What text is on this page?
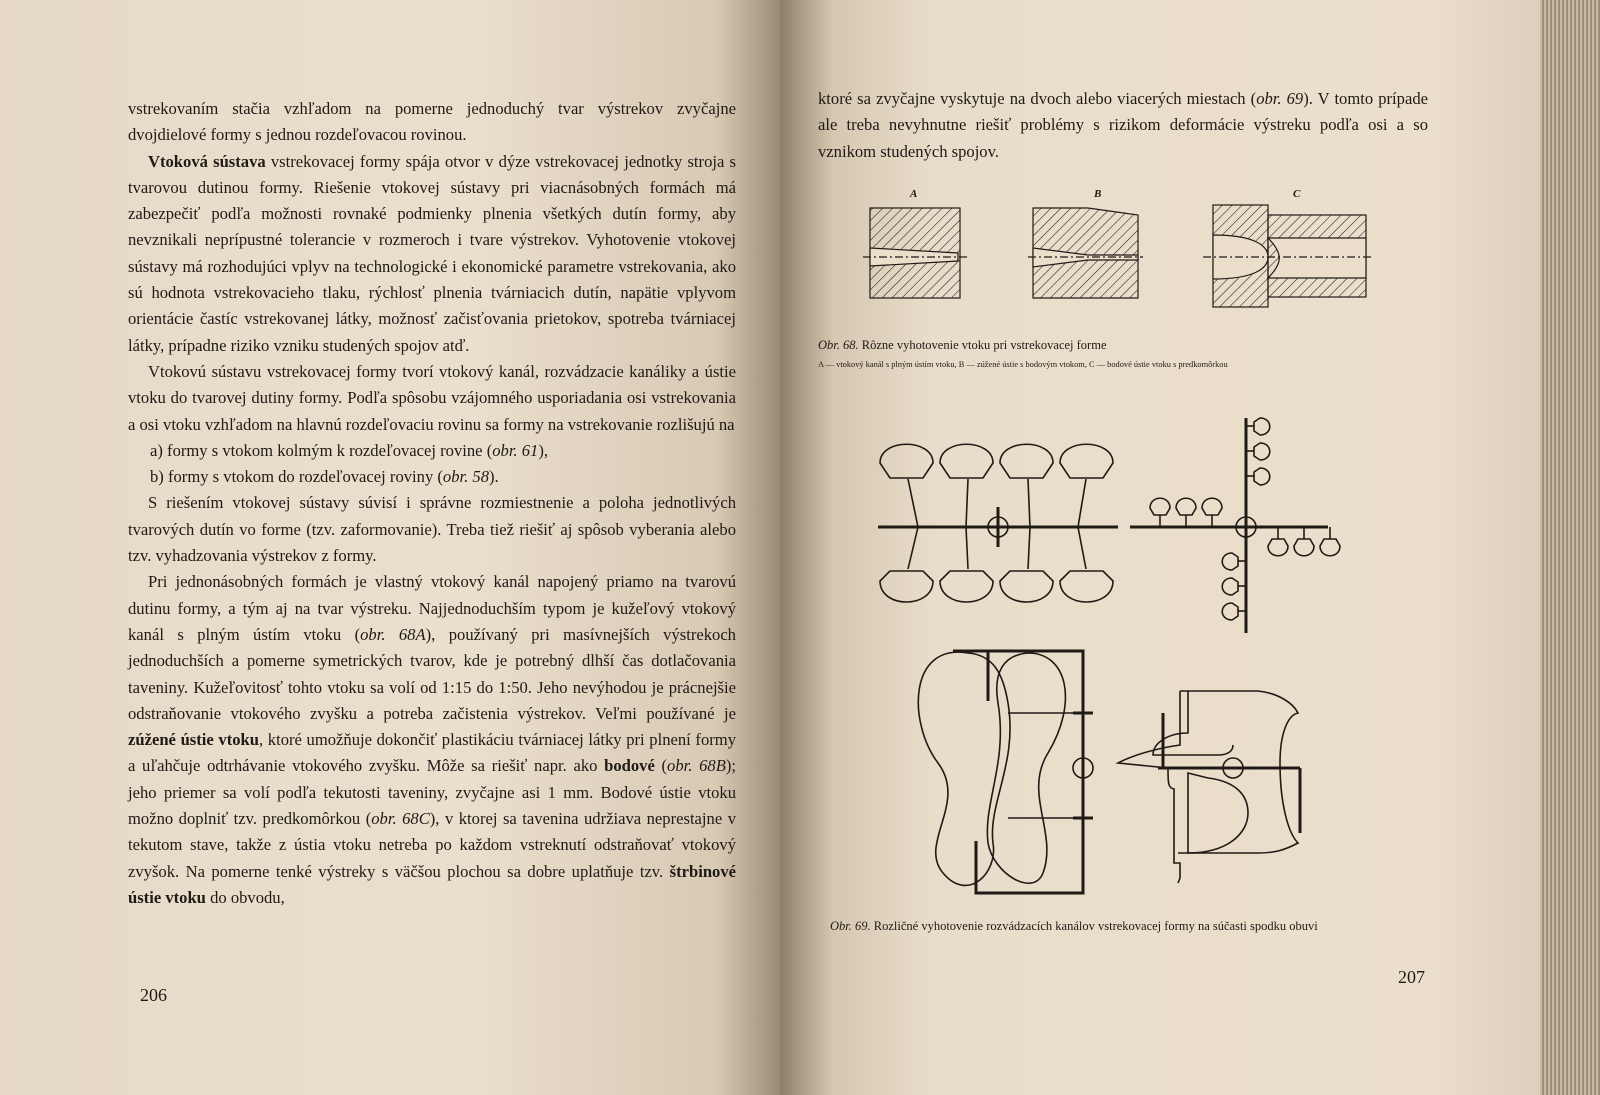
vstrekovaním stačia vzhľadom na pomerne jednoduchý tvar výstrekov zvyčajne dvojdielové formy s jednou rozdeľovacou rovinou.

Vtoková sústava vstrekovacej formy spája otvor v dýze vstrekovacej jednotky stroja s tvarovou dutinou formy. Riešenie vtokovej sústavy pri viacnásobných formách má zabezpečiť podľa možnosti rovnaké podmienky plnenia všetkých dutín formy, aby nevznikali neprípustné tolerancie v rozmeroch i tvare výstrekov. Vyhotovenie vtokovej sústavy má rozhodujúci vplyv na technologické i ekonomické parametre vstrekovania, ako sú hodnota vstrekovacieho tlaku, rýchlosť plnenia tvárniacich dutín, napätie vplyvom orientácie častíc vstrekovanej látky, možnosť začisťovania prietokov, spotreba tvárniacej látky, prípadne riziko vzniku studených spojov atď.

Vtokovú sústavu vstrekovacej formy tvorí vtokový kanál, rozvádzacie kanáliky a ústie vtoku do tvarovej dutiny formy. Podľa spôsobu vzájomného usporiadania osi vstrekovania a osi vtoku vzhľadom na hlavnú rozdeľovaciu rovinu sa formy na vstrekovanie rozlišujú na

a) formy s vtokom kolmým k rozdeľovacej rovine (obr. 61),

b) formy s vtokom do rozdeľovacej roviny (obr. 58).

S riešením vtokovej sústavy súvisí i správne rozmiestnenie a poloha jednotlivých tvarových dutín vo forme (tzv. zaformovanie). Treba tiež riešiť aj spôsob vyberania alebo tzv. vyhadzovania výstrekov z formy.

Pri jednonásobných formách je vlastný vtokový kanál napojený priamo na tvarovú dutinu formy, a tým aj na tvar výstreku. Najjednoduchším typom je kužeľový vtokový kanál s plným ústím vtoku (obr. 68A), používaný pri masívnejších výstrekoch jednoduchších a pomerne symetrických tvarov, kde je potrebný dlhší čas dotlačovania taveniny. Kužeľovitosť tohto vtoku sa volí od 1:15 do 1:50. Jeho nevýhodou je prácnejšie odstraňovanie vtokového zvyšku a potreba začistenia výstrekov. Veľmi používané je zúžené ústie vtoku, ktoré umožňuje dokončiť plastikáciu tvárniacej látky pri plnení formy a uľahčuje odtrhávanie vtokového zvyšku. Môže sa riešiť napr. ako bodové (obr. 68B); jeho priemer sa volí podľa tekutosti taveniny, zvyčajne asi 1 mm. Bodové ústie vtoku možno doplniť tzv. predkomôrkou (obr. 68C), v ktorej sa tavenina udržiava neprestajne v tekutom stave, takže z ústia vtoku netreba po každom vstreknutí odstraňovať vtokový zvyšok. Na pomerne tenké výstreky s väčšou plochou sa dobre uplatňuje tzv. štrbinové ústie vtoku do obvodu,

206

ktoré sa zvyčajne vyskytuje na dvoch alebo viacerých miestach (obr. 69). V tomto prípade ale treba nevyhnutne riešiť problémy s rizikom deformácie výstreku podľa osi a so vznikom studených spojov.

A	B	C
Obr. 68. Rôzne vyhotovenie vtoku pri vstrekovacej forme
A — vtokový kanál s plným ústím vtoku, B — zúžené ústie s bodovým vtokom, C — bodové ústie vtoku s predkomôrkou
Obr. 69. Rozličné vyhotovenie rozvádzacích kanálov vstrekovacej formy na súčasti spodku obuvi
207
